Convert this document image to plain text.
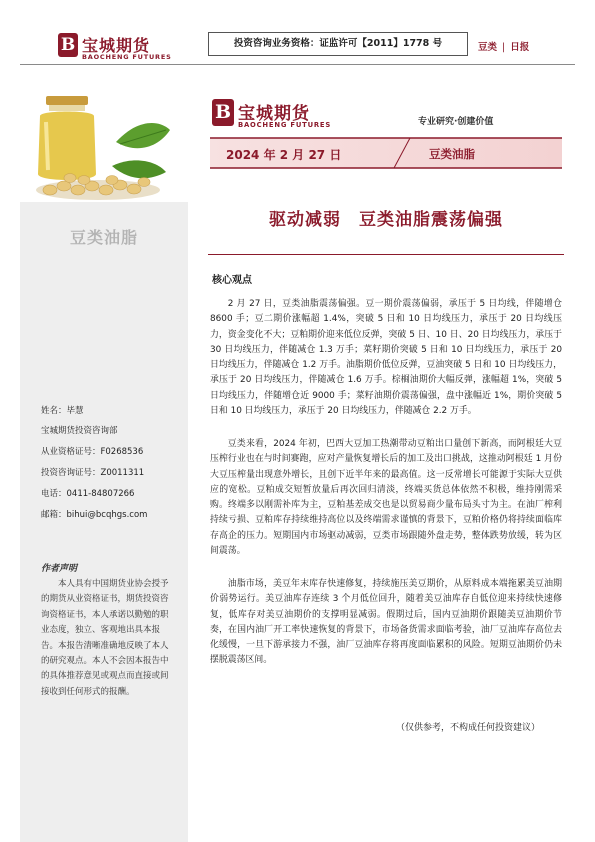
B 宝城期货
BAOCHENG FUTURES
投资咨询业务资格：证监许可【2011】1778 号	豆类 | 日报
豆类油脂
姓名：毕慧
宝城期货投资咨询部
从业资格证号：F0268536
投资咨询证号：Z0011311
电话：0411-84807266
邮箱：bihui@bcqhgs.com
作者声明
本人具有中国期货业协会授予的期货从业资格证书，期货投资咨询资格证书，本人承诺以勤勉的职业态度，独立、客观地出具本报告。本报告清晰准确地反映了本人的研究观点。本人不会因本报告中的具体推荐意见或观点而直接或间接收到任何形式的报酬。
B 宝城期货
BAOCHENG FUTURES	专业研究·创建价值
2024 年 2 月 27 日	豆类油脂
驱动减弱　豆类油脂震荡偏强
核心观点
2 月 27 日，豆类油脂震荡偏强。豆一期价震荡偏弱，承压于 5 日均线，伴随增仓 8600 手；豆二期价涨幅超 1.4%，突破 5 日和 10 日均线压力，承压于 20 日均线压力，资金变化不大；豆粕期价迎来低位反弹，突破 5 日、10 日、20 日均线压力，承压于 30 日均线压力，伴随减仓 1.3 万手；菜籽期价突破 5 日和 10 日均线压力，承压于 20 日均线压力，伴随减仓 1.2 万手。油脂期价低位反弹，豆油突破 5 日和 10 日均线压力，承压于 20 日均线压力，伴随减仓 1.6 万手。棕榈油期价大幅反弹，涨幅超 1%，突破 5 日均线压力，伴随增仓近 9000 手；菜籽油期价震荡偏强，盘中涨幅近 1%，期价突破 5 日和 10 日均线压力，承压于 20 日均线压力，伴随减仓 2.2 万手。
豆类来看，2024 年初，巴西大豆加工热潮带动豆粕出口量创下新高，而阿根廷大豆压榨行业也在与时间赛跑，应对产量恢复增长后的加工及出口挑战，这推动阿根廷 1 月份大豆压榨量出现意外增长，且创下近半年来的最高值。这一反常增长可能源于实际大豆供应的宽松。豆粕成交短暂放量后再次回归清淡，终端买货总体依然不积极，维持刚需采购。终端多以刚需补库为主，豆粕基差成交也是以贸易商少量布局头寸为主。在油厂榨利持续亏损、豆粕库存持续维持高位以及终端需求谨慎的背景下，豆粕价格仍将持续面临库存高企的压力。短期国内市场驱动减弱，豆类市场跟随外盘走势，整体跌势放缓，转为区间震荡。
油脂市场，美豆年末库存快速修复，持续施压美豆期价，从原料成本端拖累美豆油期价弱势运行。美豆油库存连续 3 个月低位回升，随着美豆油库存自低位迎来持续快速修复，低库存对美豆油期价的支撑明显减弱。假期过后，国内豆油期价跟随美豆油期价节奏，在国内油厂开工率快速恢复的背景下，市场备货需求面临考验，油厂豆油库存高位去化缓慢，一旦下游承接力不强，油厂豆油库存将再度面临累积的风险。短期豆油期价仍未摆脱震荡区间。
（仅供参考，不构成任何投资建议）
